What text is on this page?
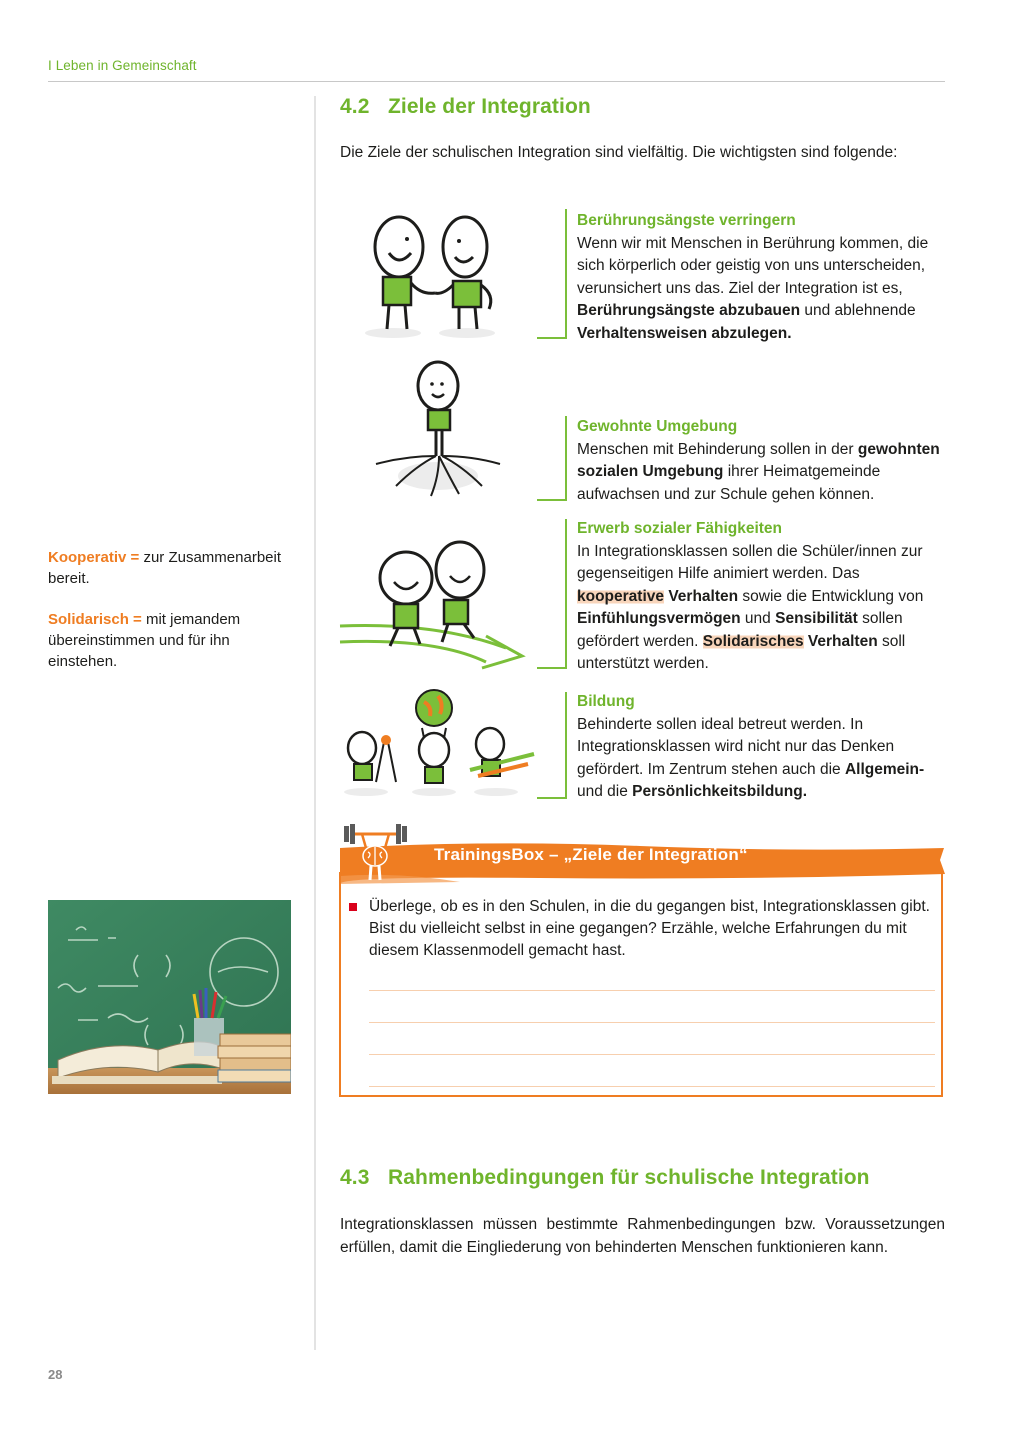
I Leben in Gemeinschaft
4.2 Ziele der Integration
Die Ziele der schulischen Integration sind vielfältig. Die wichtigsten sind folgende:
Berührungsängste verringern
Wenn wir mit Menschen in Berührung kommen, die sich körperlich oder geistig von uns unterscheiden, verunsichert uns das. Ziel der Integration ist es, Berührungsängste abzubauen und ablehnende Verhaltensweisen abzulegen.
Gewohnte Umgebung
Menschen mit Behinderung sollen in der gewohnten sozialen Umgebung ihrer Heimatgemeinde aufwachsen und zur Schule gehen können.
Erwerb sozialer Fähigkeiten
In Integrationsklassen sollen die Schüler/innen zur gegenseitigen Hilfe animiert werden. Das kooperative Verhalten sowie die Entwicklung von Einfühlungsvermögen und Sensibilität sollen gefördert werden. Solidarisches Verhalten soll unterstützt werden.
Bildung
Behinderte sollen ideal betreut werden. In Integrationsklassen wird nicht nur das Denken gefördert. Im Zentrum stehen auch die Allgemein- und die Persönlichkeitsbildung.
Kooperativ = zur Zusammenarbeit bereit.
Solidarisch = mit jemandem übereinstimmen und für ihn einstehen.
TrainingsBox – „Ziele der Integration“
Überlege, ob es in den Schulen, in die du gegangen bist, Integrationsklassen gibt. Bist du vielleicht selbst in eine gegangen? Erzähle, welche Erfahrungen du mit diesem Klassenmodell gemacht hast.
4.3 Rahmenbedingungen für schulische Integration
Integrationsklassen müssen bestimmte Rahmenbedingungen bzw. Voraussetzungen erfüllen, damit die Eingliederung von behinderten Menschen funktionieren kann.
28
